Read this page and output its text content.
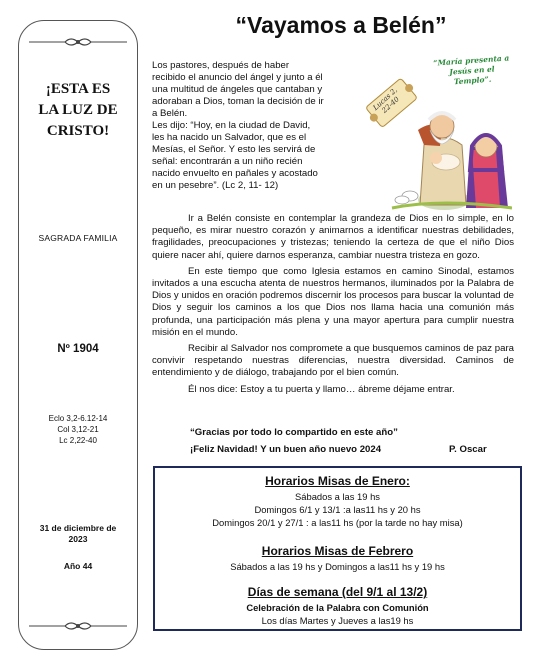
¡ESTA ES
LA LUZ DE
CRISTO!
SAGRADA FAMILIA
Nº 1904
Eclo 3,2-6.12-14
Col 3,12-21
Lc 2,22-40
31 de diciembre de
2023
Año 44
“Vayamos a Belén”

Los pastores, después de haber
recibido el anuncio del ángel y junto a él
una multitud de ángeles que cantaban y
adoraban a Dios, toman la decisión de ir
a Belén.
Les dijo: “Hoy, en la ciudad de David,
les ha nacido un Salvador, que es el
Mesías, el Señor. Y esto les servirá de
señal: encontrarán a un niño recién
nacido envuelto en pañales y acostado
en un pesebre”. (Lc 2, 11- 12)

“María presenta a
Jesús en el Templo”.
Lucas 2, 22-40

Ir a Belén consiste en contemplar la grandeza de Dios en lo simple, en lo pequeño, es mirar nuestro corazón y animarnos a identificar nuestras debilidades, fragilidades, preocupaciones y tristezas; teniendo la certeza de que el niño Dios quiere nacer ahí, quiere darnos esperanza, cambiar nuestra tristeza en gozo.

En este tiempo que como Iglesia estamos en camino Sinodal, estamos invitados a una escucha atenta de nuestros hermanos, iluminados por la Palabra de Dios y unidos en oración podremos discernir los procesos para buscar la voluntad de Dios y seguir los caminos a los que Dios nos llama hacia una comunión más profunda, una participación más plena y una mayor apertura para cumplir nuestra misión en el mundo.

Recibir al Salvador nos compromete a que busquemos caminos de paz para convivir respetando nuestras diferencias, nuestra diversidad. Caminos de entendimiento y de diálogo, trabajando por el bien común.

Él nos dice: Estoy a tu puerta y llamo… ábreme déjame entrar.

“Gracias por todo lo compartido en este año”
¡Feliz Navidad! Y un buen año nuevo 2024	P. Oscar
Horarios Misas de Enero:
Sábados a las 19 hs
Domingos 6/1 y 13/1 :a las11 hs y 20 hs
Domingos 20/1 y 27/1 : a las11 hs (por la tarde no hay misa)
Horarios Misas de Febrero
Sábados a las 19 hs y Domingos a las11 hs y 19 hs
Días de semana (del 9/1 al 13/2)
Celebración de la Palabra con Comunión
Los días Martes y Jueves a las19 hs
